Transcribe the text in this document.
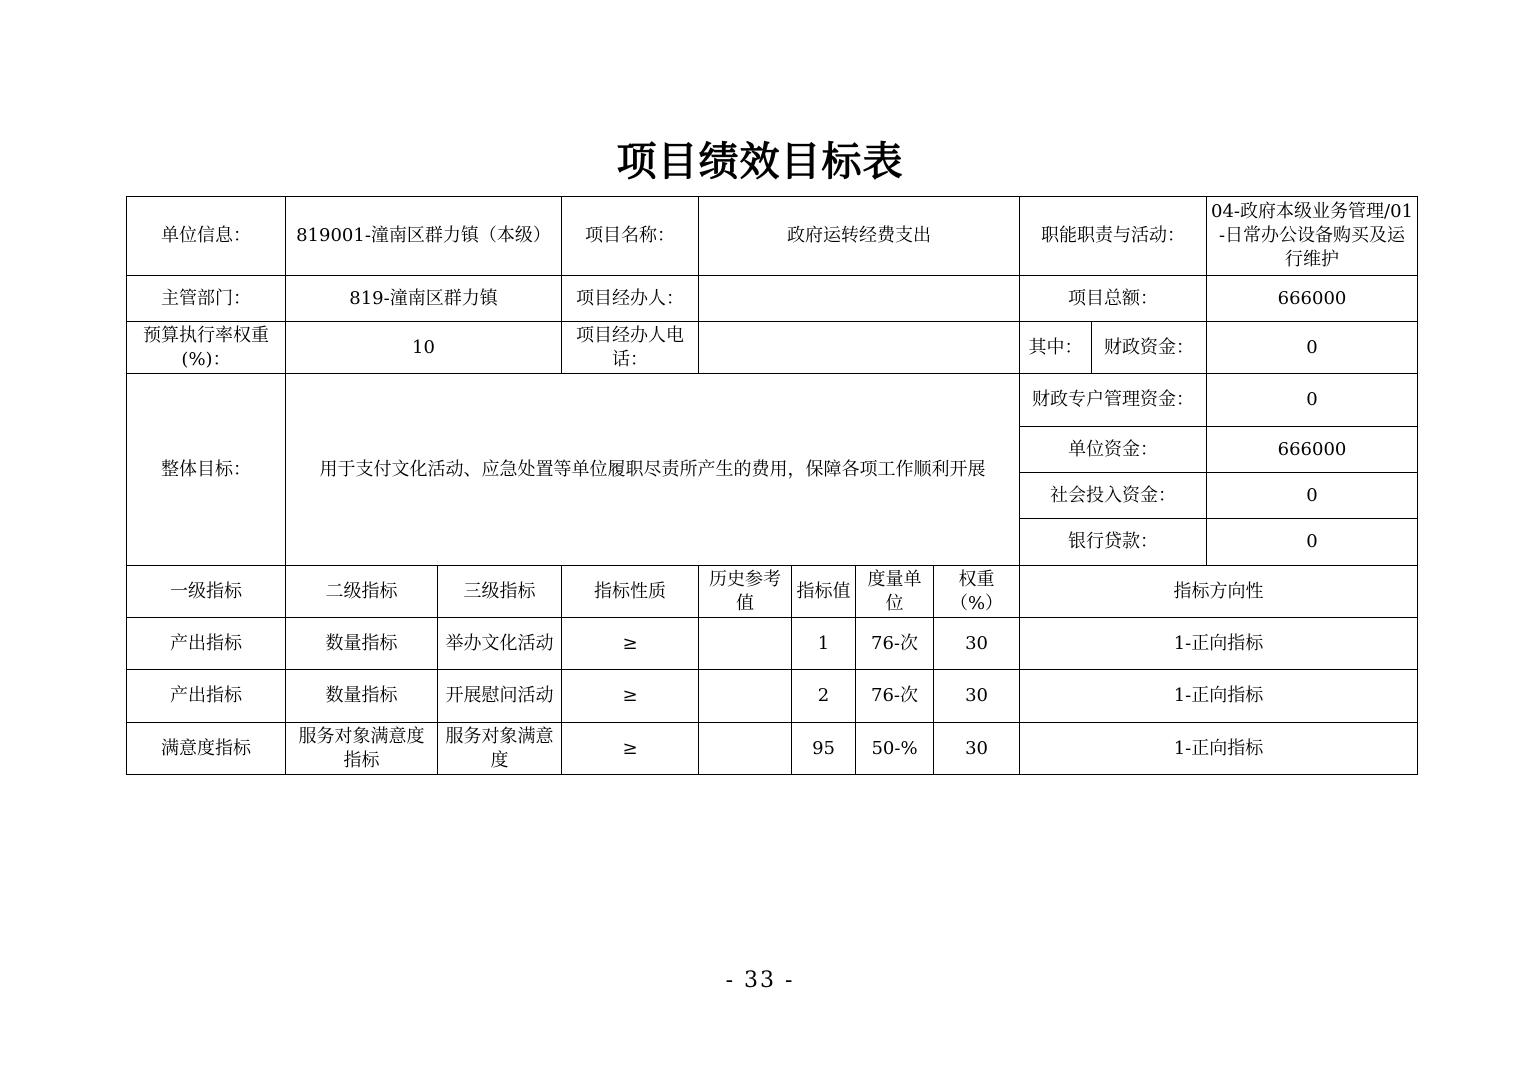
项目绩效目标表
单位信息：	819001-潼南区群力镇（本级）		项目名称：	政府运转经费支出				职能职责与活动：		04-政府本级业务管理/01-日常办公设备购买及运行维护
主管部门：	819-潼南区群力镇		项目经办人：					项目总额：		666000
预算执行率权重(%)：	10		项目经办人电话：					其中：	财政资金：	0
整体目标：	用于支付文化活动、应急处置等单位履职尽责所产生的费用，保障各项工作顺利开展							财政专户管理资金：		0
								单位资金：		666000
								社会投入资金：		0
								银行贷款：		0
一级指标	二级指标	三级指标	指标性质	历史参考值	指标值	度量单位	权重（%）	指标方向性		
产出指标	数量指标	举办文化活动	≥		1	76-次	30	1-正向指标		
产出指标	数量指标	开展慰问活动	≥		2	76-次	30	1-正向指标		
满意度指标	服务对象满意度指标	服务对象满意度	≥		95	50-%	30	1-正向指标		
- 33 -
